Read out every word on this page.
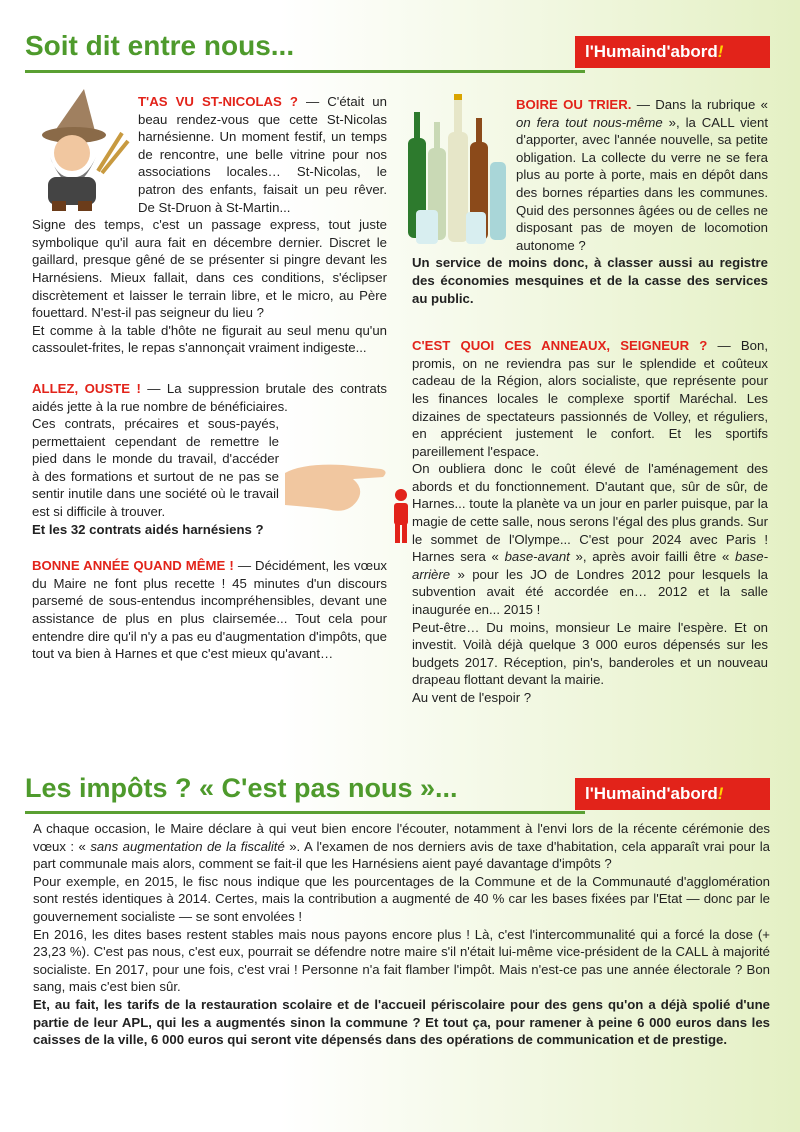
Soit dit entre nous...	l'Humaind'abord!

T'AS VU ST-NICOLAS ? — C'était un beau rendez-vous que cette St-Nicolas harnésienne. Un moment festif, un temps de rencontre, une belle vitrine pour nos associations locales… St-Nicolas, le patron des enfants, faisait un peu rêver. De St-Druon à St-Martin...

Signe des temps, c'est un passage express, tout juste symbolique qu'il aura fait en décembre dernier. Discret le gaillard, presque gêné de se présenter si pingre devant les Harnésiens. Mieux fallait, dans ces conditions, s'éclipser discrètement et laisser le terrain libre, et le micro, au Père fouettard. N'est-il pas seigneur du lieu ?

Et comme à la table d'hôte ne figurait au seul menu qu'un cassoulet-frites, le repas s'annonçait vraiment indigeste...

ALLEZ, OUSTE ! — La suppression brutale des contrats aidés jette à la rue nombre de bénéficiaires.

Ces contrats, précaires et sous-payés, permettaient cependant de remettre le pied dans le monde du travail, d'accéder à des formations et surtout de ne pas se sentir inutile dans une société où le travail est si difficile à trouver.

Et les 32 contrats aidés harnésiens ?

BONNE ANNÉE QUAND MÊME ! — Décidément, les vœux du Maire ne font plus recette ! 45 minutes d'un discours parsemé de sous-entendus incompréhensibles, devant une assistance de plus en plus clairsemée... Tout cela pour entendre dire qu'il n'y a pas eu d'augmentation d'impôts, que tout va bien à Harnes et que c'est mieux qu'avant…

BOIRE OU TRIER. — Dans la rubrique « on fera tout nous-même », la CALL vient d'apporter, avec l'année nouvelle, sa petite obligation. La collecte du verre ne se fera plus au porte à porte, mais en dépôt dans des bornes réparties dans les communes. Quid des personnes âgées ou de celles ne disposant pas de moyen de locomotion autonome ?

Un service de moins donc, à classer aussi au registre des économies mesquines et de la casse des services au public.

C'EST QUOI CES ANNEAUX, SEIGNEUR ? — Bon, promis, on ne reviendra pas sur le splendide et coûteux cadeau de la Région, alors socialiste, que représente pour les finances locales le complexe sportif Maréchal. Les dizaines de spectateurs passionnés de Volley, et réguliers, en apprécient justement le confort. Et les sportifs pareillement l'espace.

On oubliera donc le coût élevé de l'aménagement des abords et du fonctionnement. D'autant que, sûr de sûr, de Harnes... toute la planète va un jour en parler puisque, par la magie de cette salle, nous serons l'égal des plus grands. Sur le sommet de l'Olympe... C'est pour 2024 avec Paris ! Harnes sera « base-avant », après avoir failli être « base-arrière » pour les JO de Londres 2012 pour lesquels la subvention avait été accordée en… 2012 et la salle inaugurée en... 2015 !

Peut-être… Du moins, monsieur Le maire l'espère. Et on investit. Voilà déjà quelque 3 000 euros dépensés sur les budgets 2017. Réception, pin's, banderoles et un nouveau drapeau flottant devant la mairie.

Au vent de l'espoir ?

Les impôts ? « C'est pas nous »...	l'Humaind'abord!

A chaque occasion, le Maire déclare à qui veut bien encore l'écouter, notamment à l'envi lors de la récente cérémonie des vœux : « sans augmentation de la fiscalité ». A l'examen de nos derniers avis de taxe d'habitation, cela apparaît vrai pour la part communale mais alors, comment se fait-il que les Harnésiens aient payé davantage d'impôts ?

Pour exemple, en 2015, le fisc nous indique que les pourcentages de la Commune et de la Communauté d'agglomération sont restés identiques à 2014. Certes, mais la contribution a augmenté de 40 % car les bases fixées par l'Etat — donc par le gouvernement socialiste — se sont envolées !

En 2016, les dites bases restent stables mais nous payons encore plus ! Là, c'est l'intercommunalité qui a forcé la dose (+ 23,23 %). C'est pas nous, c'est eux, pourrait se défendre notre maire s'il n'était lui-même vice-président de la CALL à majorité socialiste. En 2017, pour une fois, c'est vrai ! Personne n'a fait flamber l'impôt. Mais n'est-ce pas une année électorale ? Bon sang, mais c'est bien sûr.

Et, au fait, les tarifs de la restauration scolaire et de l'accueil périscolaire pour des gens qu'on a déjà spolié d'une partie de leur APL, qui les a augmentés sinon la commune ? Et tout ça, pour ramener à peine 6 000 euros dans les caisses de la ville, 6 000 euros qui seront vite dépensés dans des opérations de communication et de prestige.
